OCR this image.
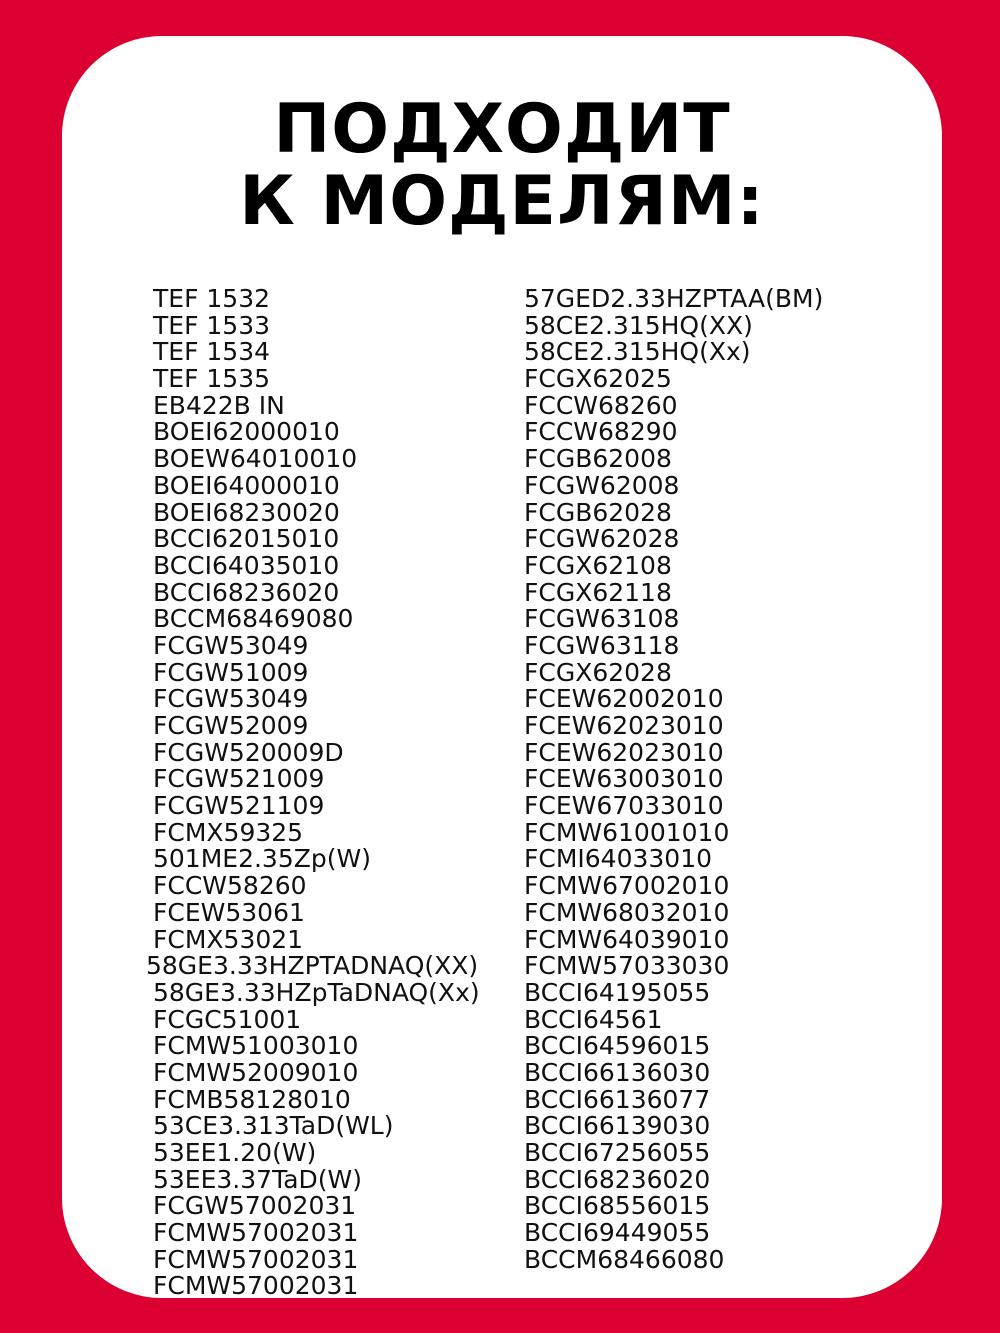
ПОДХОДИТ
К МОДЕЛЯМ:
TEF 1532
TEF 1533
TEF 1534
TEF 1535
EB422B IN
BOEI62000010
BOEW64010010
BOEI64000010
BOEI68230020
BCCI62015010
BCCI64035010
BCCI68236020
BCCM68469080
FCGW53049
FCGW51009
FCGW53049
FCGW52009
FCGW520009D
FCGW521009
FCGW521109
FCMX59325
501ME2.35Zp(W)
FCCW58260
FCEW53061
FCMX53021
58GE3.33HZPTADNAQ(XX)
58GE3.33HZpTaDNAQ(Xx)
FCGC51001
FCMW51003010
FCMW52009010
FCMB58128010
53CE3.313TaD(WL)
53EE1.20(W)
53EE3.37TaD(W)
FCGW57002031
FCMW57002031
FCMW57002031
FCMW57002031
57GED2.33HZPTAA(BM)
58CE2.315HQ(XX)
58CE2.315HQ(Xx)
FCGX62025
FCCW68260
FCCW68290
FCGB62008
FCGW62008
FCGB62028
FCGW62028
FCGX62108
FCGX62118
FCGW63108
FCGW63118
FCGX62028
FCEW62002010
FCEW62023010
FCEW62023010
FCEW63003010
FCEW67033010
FCMW61001010
FCMI64033010
FCMW67002010
FCMW68032010
FCMW64039010
FCMW57033030
BCCI64195055
BCCI64561
BCCI64596015
BCCI66136030
BCCI66136077
BCCI66139030
BCCI67256055
BCCI68236020
BCCI68556015
BCCI69449055
BCCM68466080
